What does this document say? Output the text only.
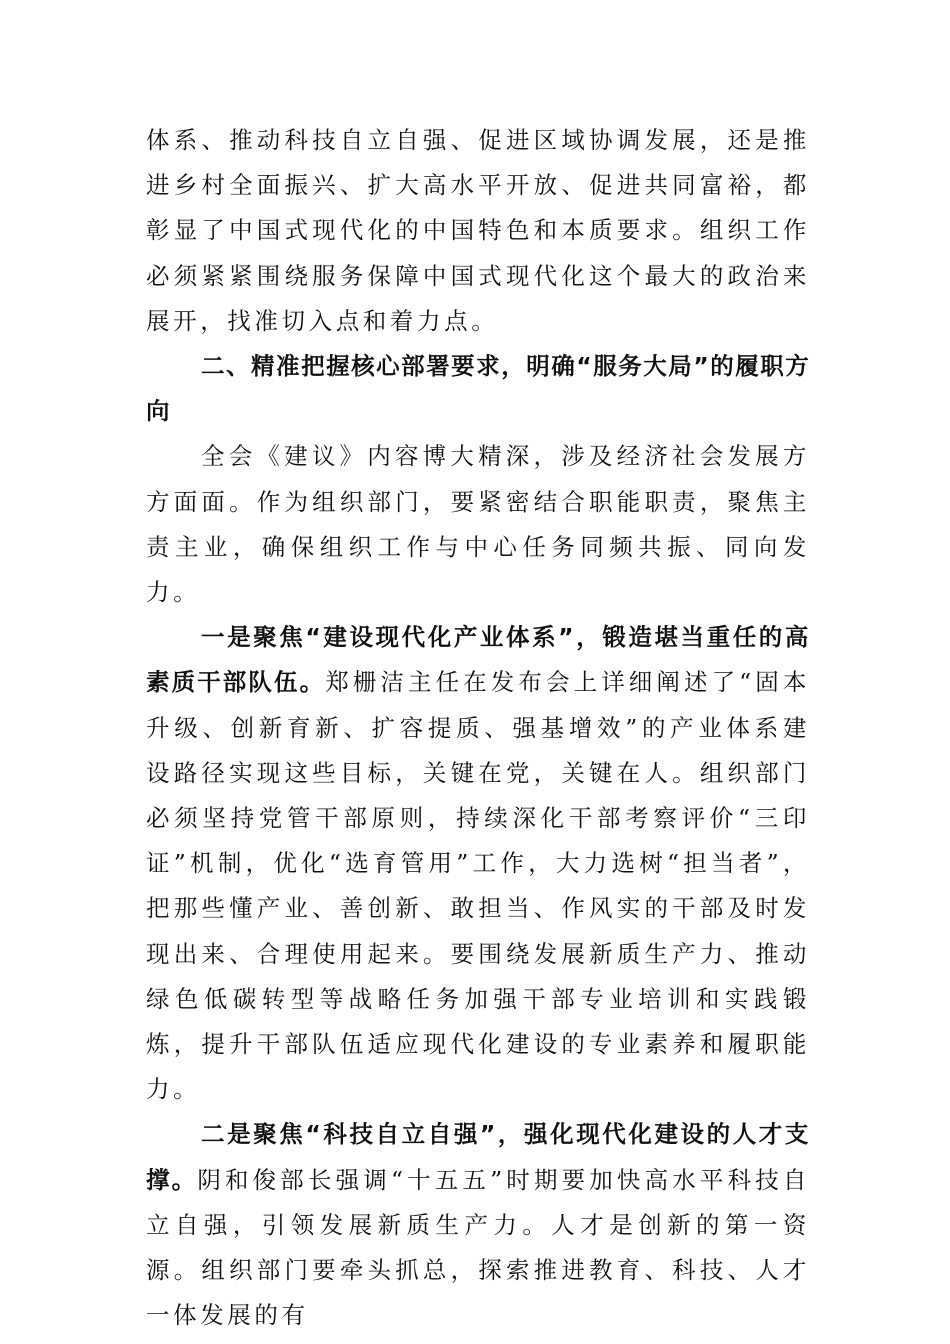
体系、推动科技自立自强、促进区域协调发展，还是推进乡村全面振兴、扩大高水平开放、促进共同富裕，都彰显了中国式现代化的中国特色和本质要求。组织工作必须紧紧围绕服务保障中国式现代化这个最大的政治来展开，找准切入点和着力点。

二、精准把握核心部署要求，明确“服务大局”的履职方向

全会《建议》内容博大精深，涉及经济社会发展方方面面。作为组织部门，要紧密结合职能职责，聚焦主责主业，确保组织工作与中心任务同频共振、同向发力。

一是聚焦“建设现代化产业体系”，锻造堪当重任的高素质干部队伍。郑栅洁主任在发布会上详细阐述了“固本升级、创新育新、扩容提质、强基增效”的产业体系建设路径实现这些目标，关键在党，关键在人。组织部门必须坚持党管干部原则，持续深化干部考察评价“三印证”机制，优化“选育管用”工作，大力选树“担当者”，把那些懂产业、善创新、敢担当、作风实的干部及时发现出来、合理使用起来。要围绕发展新质生产力、推动绿色低碳转型等战略任务加强干部专业培训和实践锻炼，提升干部队伍适应现代化建设的专业素养和履职能力。

二是聚焦“科技自立自强”，强化现代化建设的人才支撑。阴和俊部长强调“十五五”时期要加快高水平科技自立自强，引领发展新质生产力。人才是创新的第一资源。组织部门要牵头抓总，探索推进教育、科技、人才一体发展的有
